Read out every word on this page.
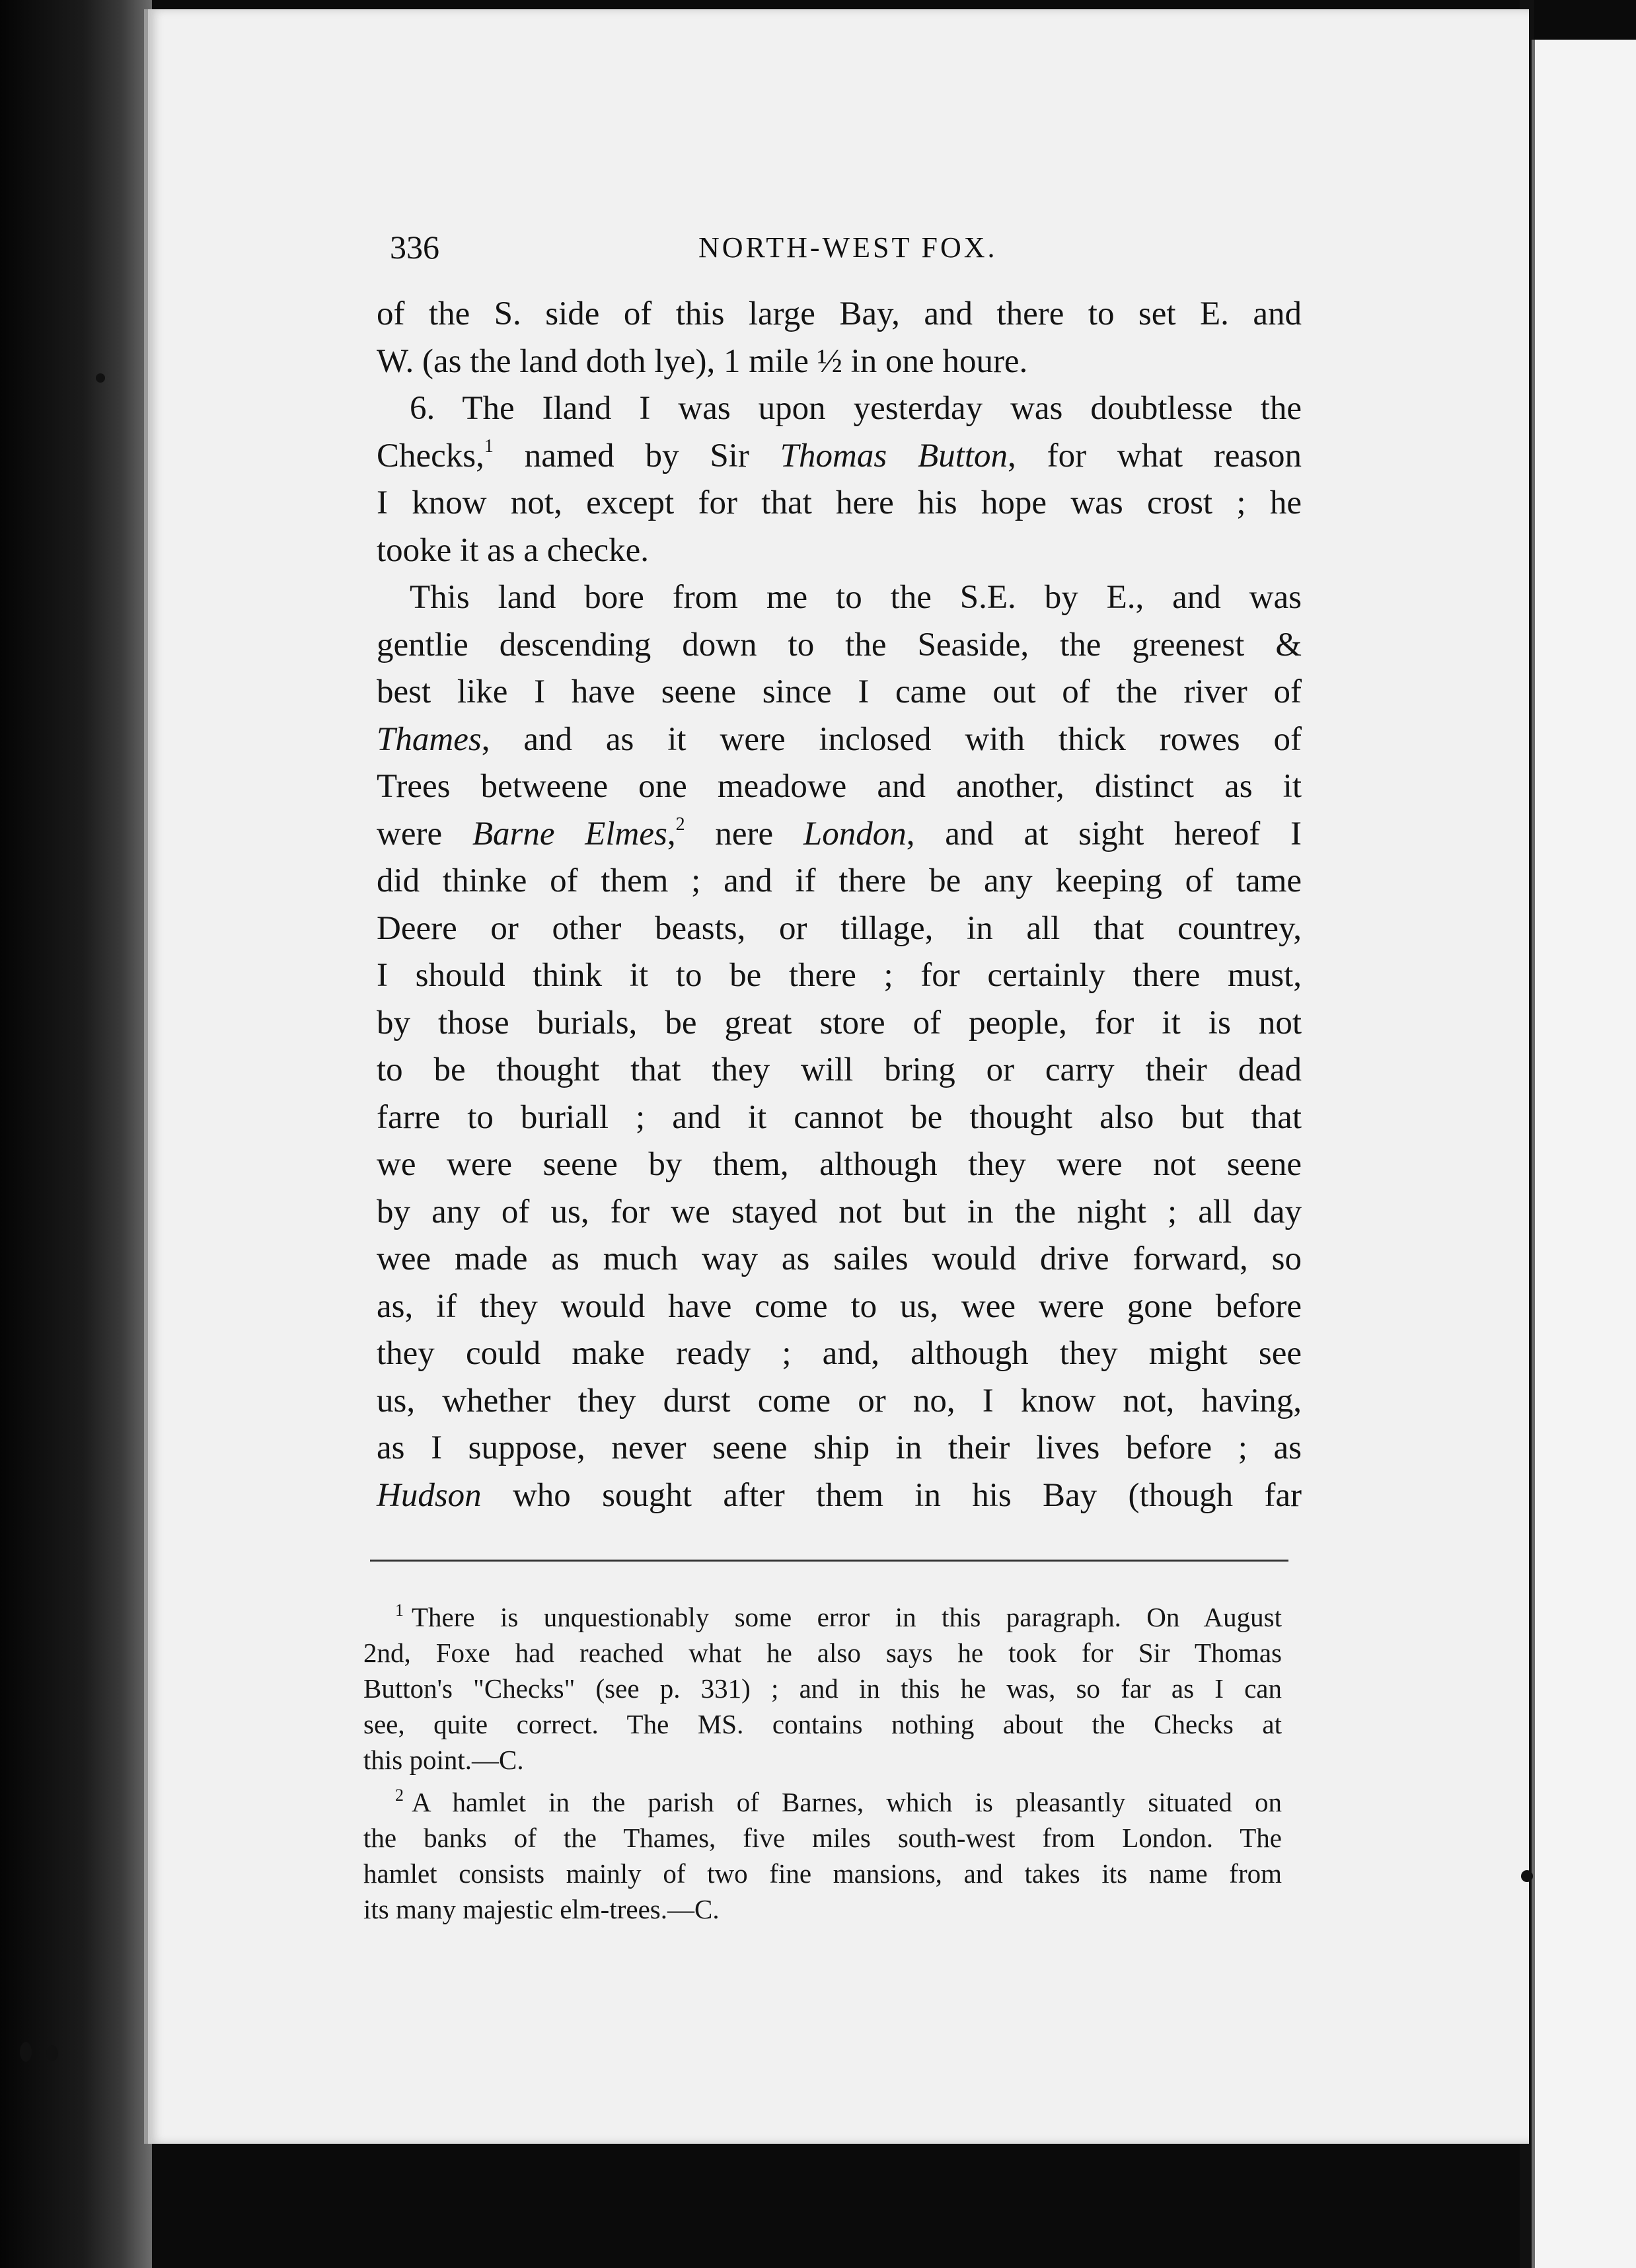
336	NORTH-WEST FOX.
of the S. side of this large Bay, and there to set E. and
W. (as the land doth lye), 1 mile ½ in one houre.
6. The Iland I was upon yesterday was doubtlesse the
Checks,$^1$ named by Sir Thomas Button, for what reason
I know not, except for that here his hope was crost ; he
tooke it as a checke.
This land bore from me to the S.E. by E., and was
gentlie descending down to the Seaside, the greenest &
best like I have seene since I came out of the river of
Thames, and as it were inclosed with thick rowes of
Trees betweene one meadowe and another, distinct as it
were Barne Elmes,$^2$ nere London, and at sight hereof I
did thinke of them ; and if there be any keeping of tame
Deere or other beasts, or tillage, in all that countrey,
I should think it to be there ; for certainly there must,
by those burials, be great store of people, for it is not
to be thought that they will bring or carry their dead
farre to buriall ; and it cannot be thought also but that
we were seene by them, although they were not seene
by any of us, for we stayed not but in the night ; all day
wee made as much way as sailes would drive forward, so
as, if they would have come to us, wee were gone before
they could make ready ; and, although they might see
us, whether they durst come or no, I know not, having,
as I suppose, never seene ship in their lives before ; as
Hudson who sought after them in his Bay (though far
$^1$ There is unquestionably some error in this paragraph. On August
2nd, Foxe had reached what he also says he took for Sir Thomas
Button's "Checks" (see p. 331) ; and in this he was, so far as I can
see, quite correct. The MS. contains nothing about the Checks at
this point.—C.
$^2$ A hamlet in the parish of Barnes, which is pleasantly situated on
the banks of the Thames, five miles south-west from London. The
hamlet consists mainly of two fine mansions, and takes its name from
its many majestic elm-trees.—C.
